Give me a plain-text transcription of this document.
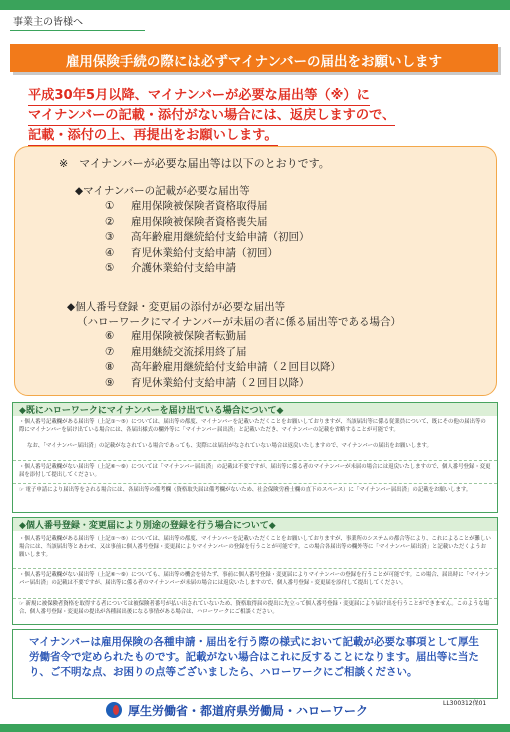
事業主の皆様へ
雇用保険手続の際には必ずマイナンバーの届出をお願いします
平成30年5月以降、マイナンバーが必要な届出等（※）に
マイナンバーの記載・添付がない場合には、返戻しますので、
記載・添付の上、再提出をお願いします。
※　マイナンバーが必要な届出等は以下のとおりです。
◆マイナンバーの記載が必要な届出等
① 雇用保険被保険者資格取得届
② 雇用保険被保険者資格喪失届
③ 高年齢雇用継続給付支給申請（初回）
④ 育児休業給付支給申請（初回）
⑤ 介護休業給付支給申請
◆個人番号登録・変更届の添付が必要な届出等
（ハローワークにマイナンバーが未届の者に係る届出等である場合）
⑥ 雇用保険被保険者転勤届
⑦ 雇用継続交流採用終了届
⑧ 高年齢雇用継続給付支給申請（２回目以降）
⑨ 育児休業給付支給申請（２回目以降）
◆既にハローワークにマイナンバーを届け出ている場合について◆
・個人番号記載欄がある届出等（上記①～⑤）については、届出等の都度、マイナンバーを記載いただくことをお願いしておりますが、当該届出等に係る従業員について、既にその他の届出等の際にマイナンバーを届け出ている場合には、各届出様式の欄外等に「マイナンバー届出済」と記載いただき、マイナンバーの記載を省略することが可能です。
なお、「マイナンバー届出済」の記載がなされている場合であっても、実際には届出がなされていない場合は返戻いたしますので、マイナンバーの届出をお願いします。
・個人番号記載欄がない届出等（上記⑥～⑨）については「マイナンバー届出済」の記載は不要ですが、届出等に係る者のマイナンバーが未届の場合には返戻いたしますので、個人番号登録・変更届を添付して提出してください。
☞ 電子申請により届出等をされる場合には、各届出等の備考欄（資格取失届は備考欄がないため、社会保険労務士欄の直下のスペース）に「マイナンバー届出済」の記載をお願いします。
◆個人番号登録・変更届により別途の登録を行う場合について◆
・個人番号記載欄がある届出等（上記①～⑤）については、届出等の都度、マイナンバーを記載いただくことをお願いしておりますが、事業所のシステムの都合等により、これによることが難しい場合には、当該届出等とあわせ、又は事前に個人番号登録・変更届によりマイナンバーの登録を行うことが可能です。この場合各届出等の欄外等に「マイナンバー届出済」と記載いただくようお願いします。
・個人番号記載欄がない届出等（上記⑥～⑨）についても、届出等の機会を待たず、事前に個人番号登録・変更届によりマイナンバーの登録を行うことが可能です。この場合、届出時に「マイナンバー届出済」の記載は不要ですが、届出等に係る者のマイナンバーが未届の場合には返戻いたしますので、個人番号登録・変更届を添付して提出してください。
☞ 新規に被保険者資格を取得する者については被保険者番号が払い出されていないため、資格取得届の提出に先立って個人番号登録・変更届により届け出を行うことができません。このような場合、個人番号登録・変更届の提出が各種届出後になる事情がある場合は、ハローワークにご相談ください。
マイナンバーは雇用保険の各種申請・届出を行う際の様式において記載が必要な事項として厚生労働省令で定められたものです。記載がない場合はこれに反することになります。届出等に当たり、ご不明な点、お困りの点等ございましたら、ハローワークにご相談ください。
厚生労働省・都道府県労働局・ハローワーク
LL300312保01
